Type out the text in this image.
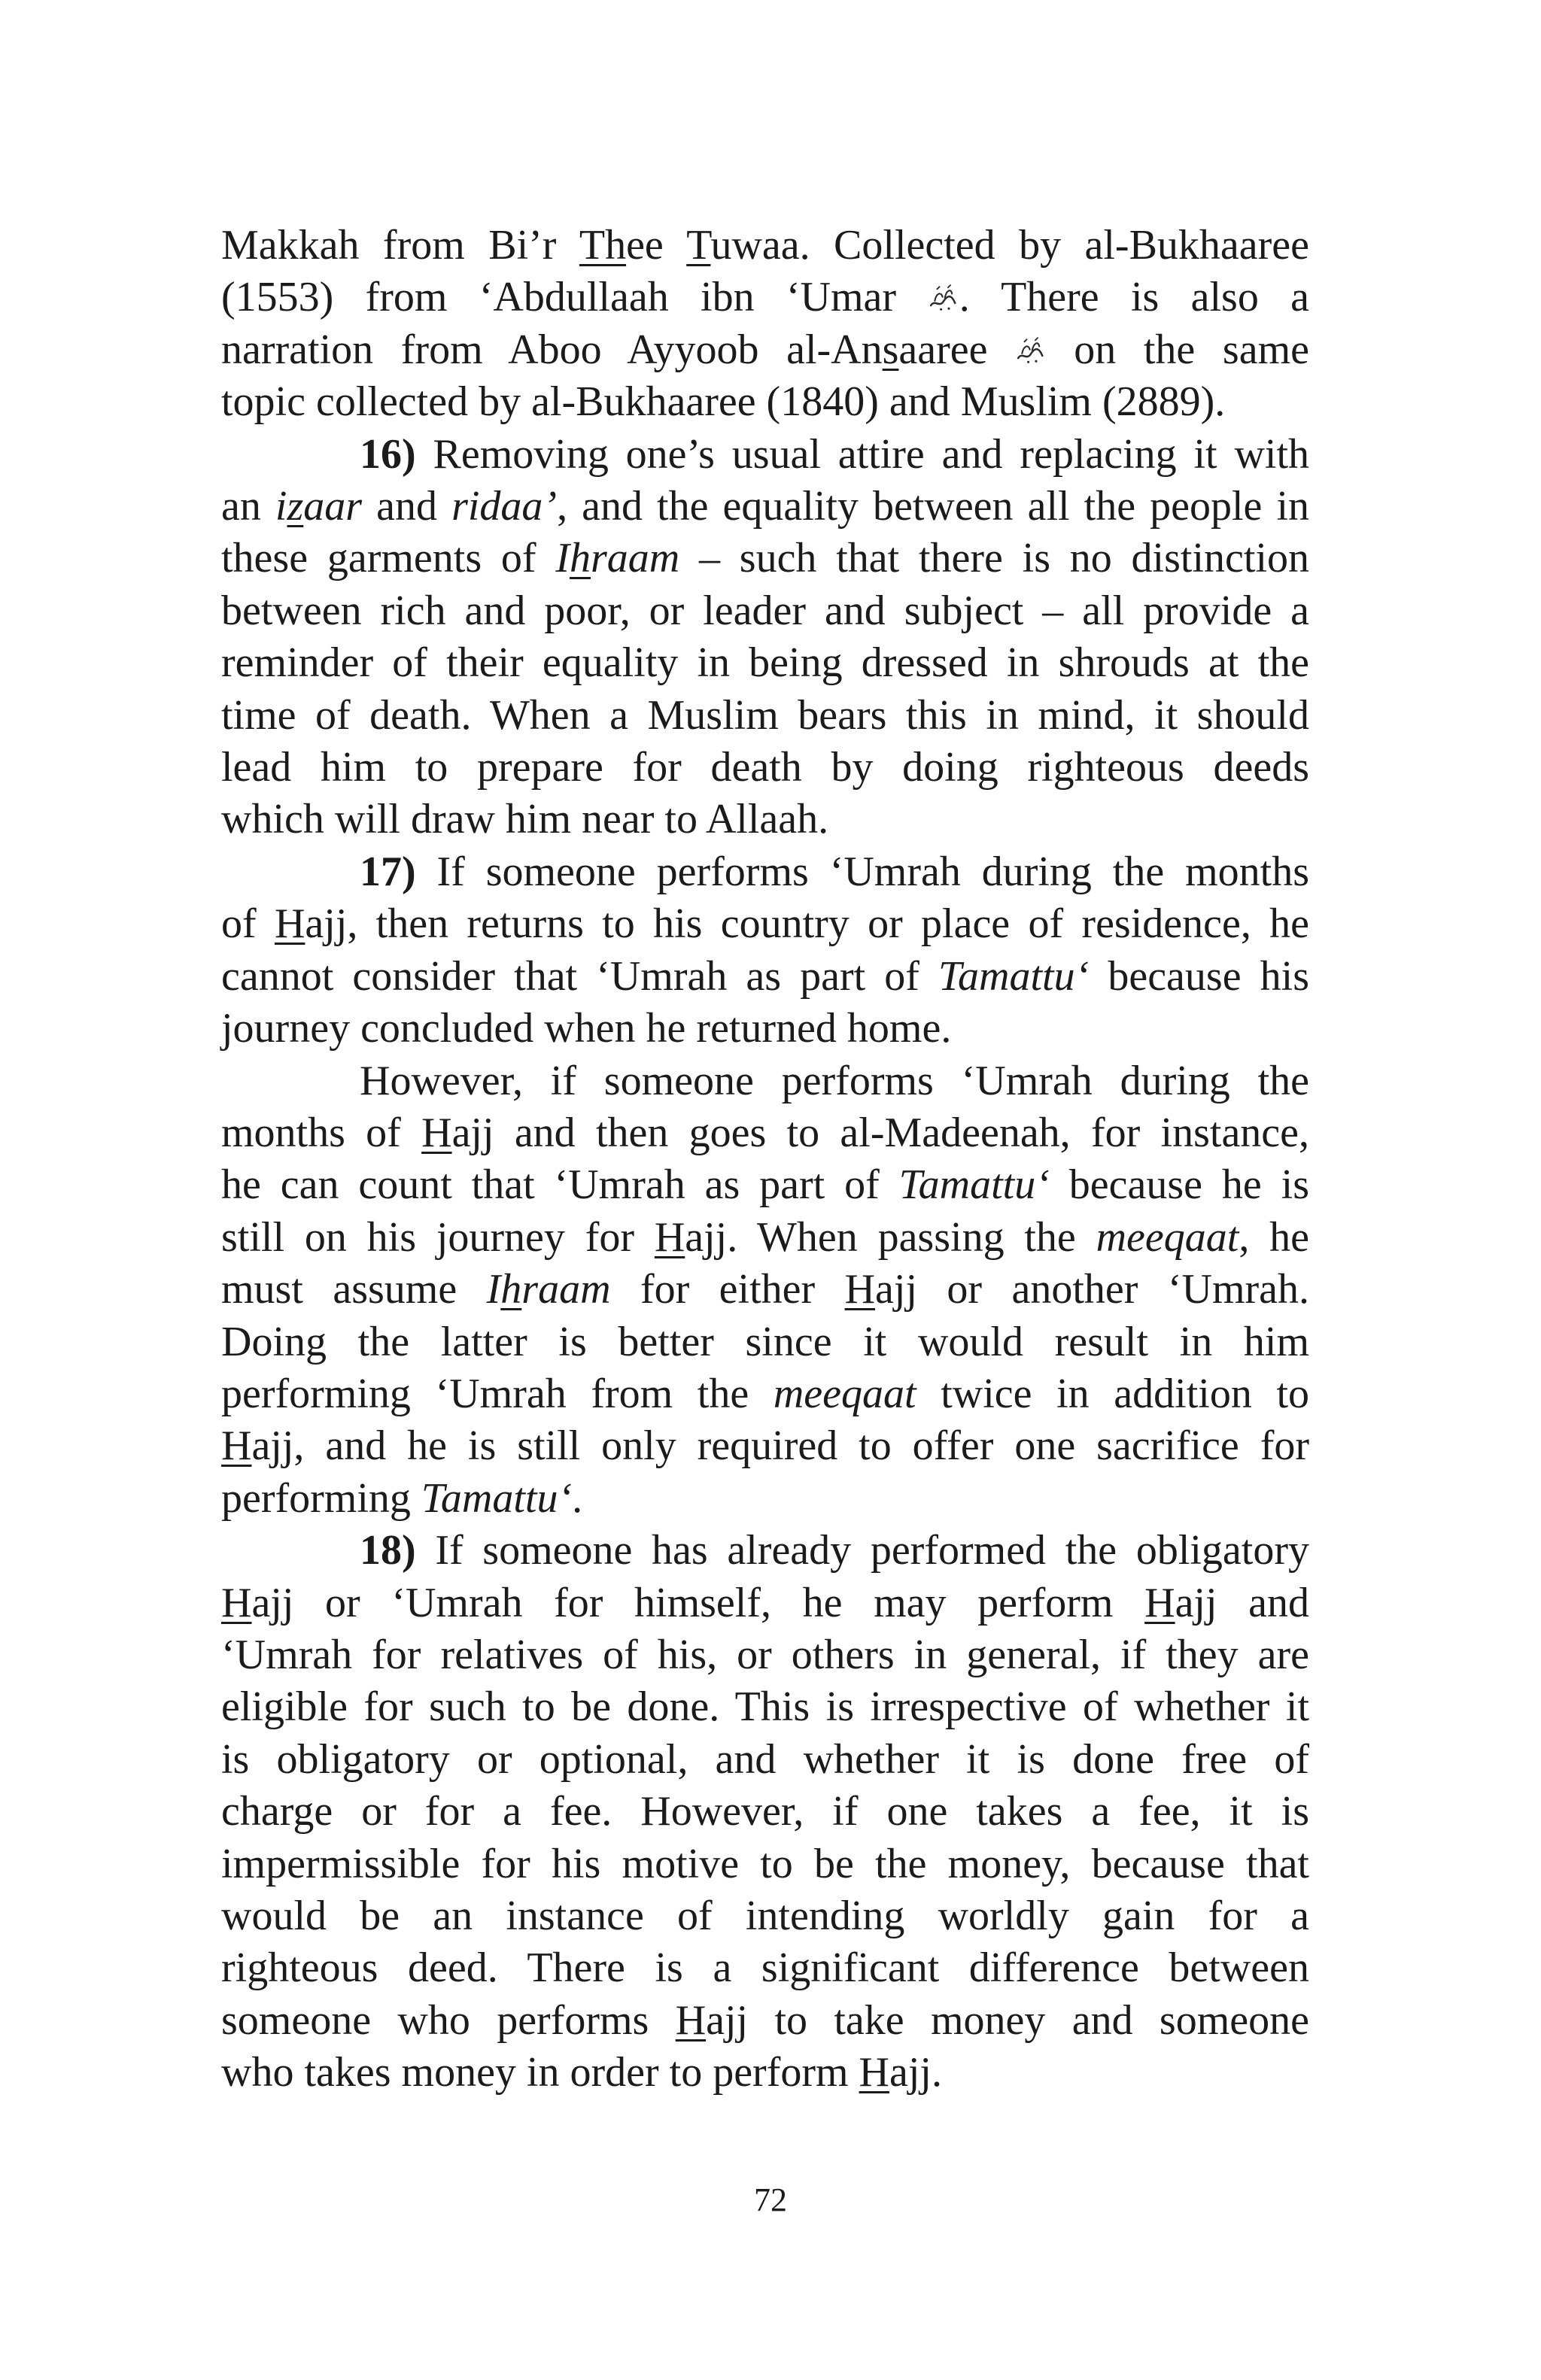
Makkah from Bi’r Thee Tuwaa. Collected by al-Bukhaaree
(1553) from ‘Abdullaah ibn ‘Umar
. There is also a
narration from Aboo Ayyoob al-Ansaaree
on the same
topic collected by al-Bukhaaree (1840) and Muslim (2889).
16) Removing one’s usual attire and replacing it with
an izaar and ridaa’, and the equality between all the people in
these garments of Ihraam – such that there is no distinction
between rich and poor, or leader and subject – all provide a
reminder of their equality in being dressed in shrouds at the
time of death. When a Muslim bears this in mind, it should
lead him to prepare for death by doing righteous deeds
which will draw him near to Allaah.
17) If someone performs ‘Umrah during the months
of Hajj, then returns to his country or place of residence, he
cannot consider that ‘Umrah as part of Tamattu‘ because his
journey concluded when he returned home.
However, if someone performs ‘Umrah during the
months of Hajj and then goes to al-Madeenah, for instance,
he can count that ‘Umrah as part of Tamattu‘ because he is
still on his journey for Hajj. When passing the meeqaat, he
must assume Ihraam for either Hajj or another ‘Umrah.
Doing the latter is better since it would result in him
performing ‘Umrah from the meeqaat twice in addition to
Hajj, and he is still only required to offer one sacrifice for
performing Tamattu‘.
18) If someone has already performed the obligatory
Hajj or ‘Umrah for himself, he may perform Hajj and
‘Umrah for relatives of his, or others in general, if they are
eligible for such to be done. This is irrespective of whether it
is obligatory or optional, and whether it is done free of
charge or for a fee. However, if one takes a fee, it is
impermissible for his motive to be the money, because that
would be an instance of intending worldly gain for a
righteous deed. There is a significant difference between
someone who performs Hajj to take money and someone
who takes money in order to perform Hajj.
72
